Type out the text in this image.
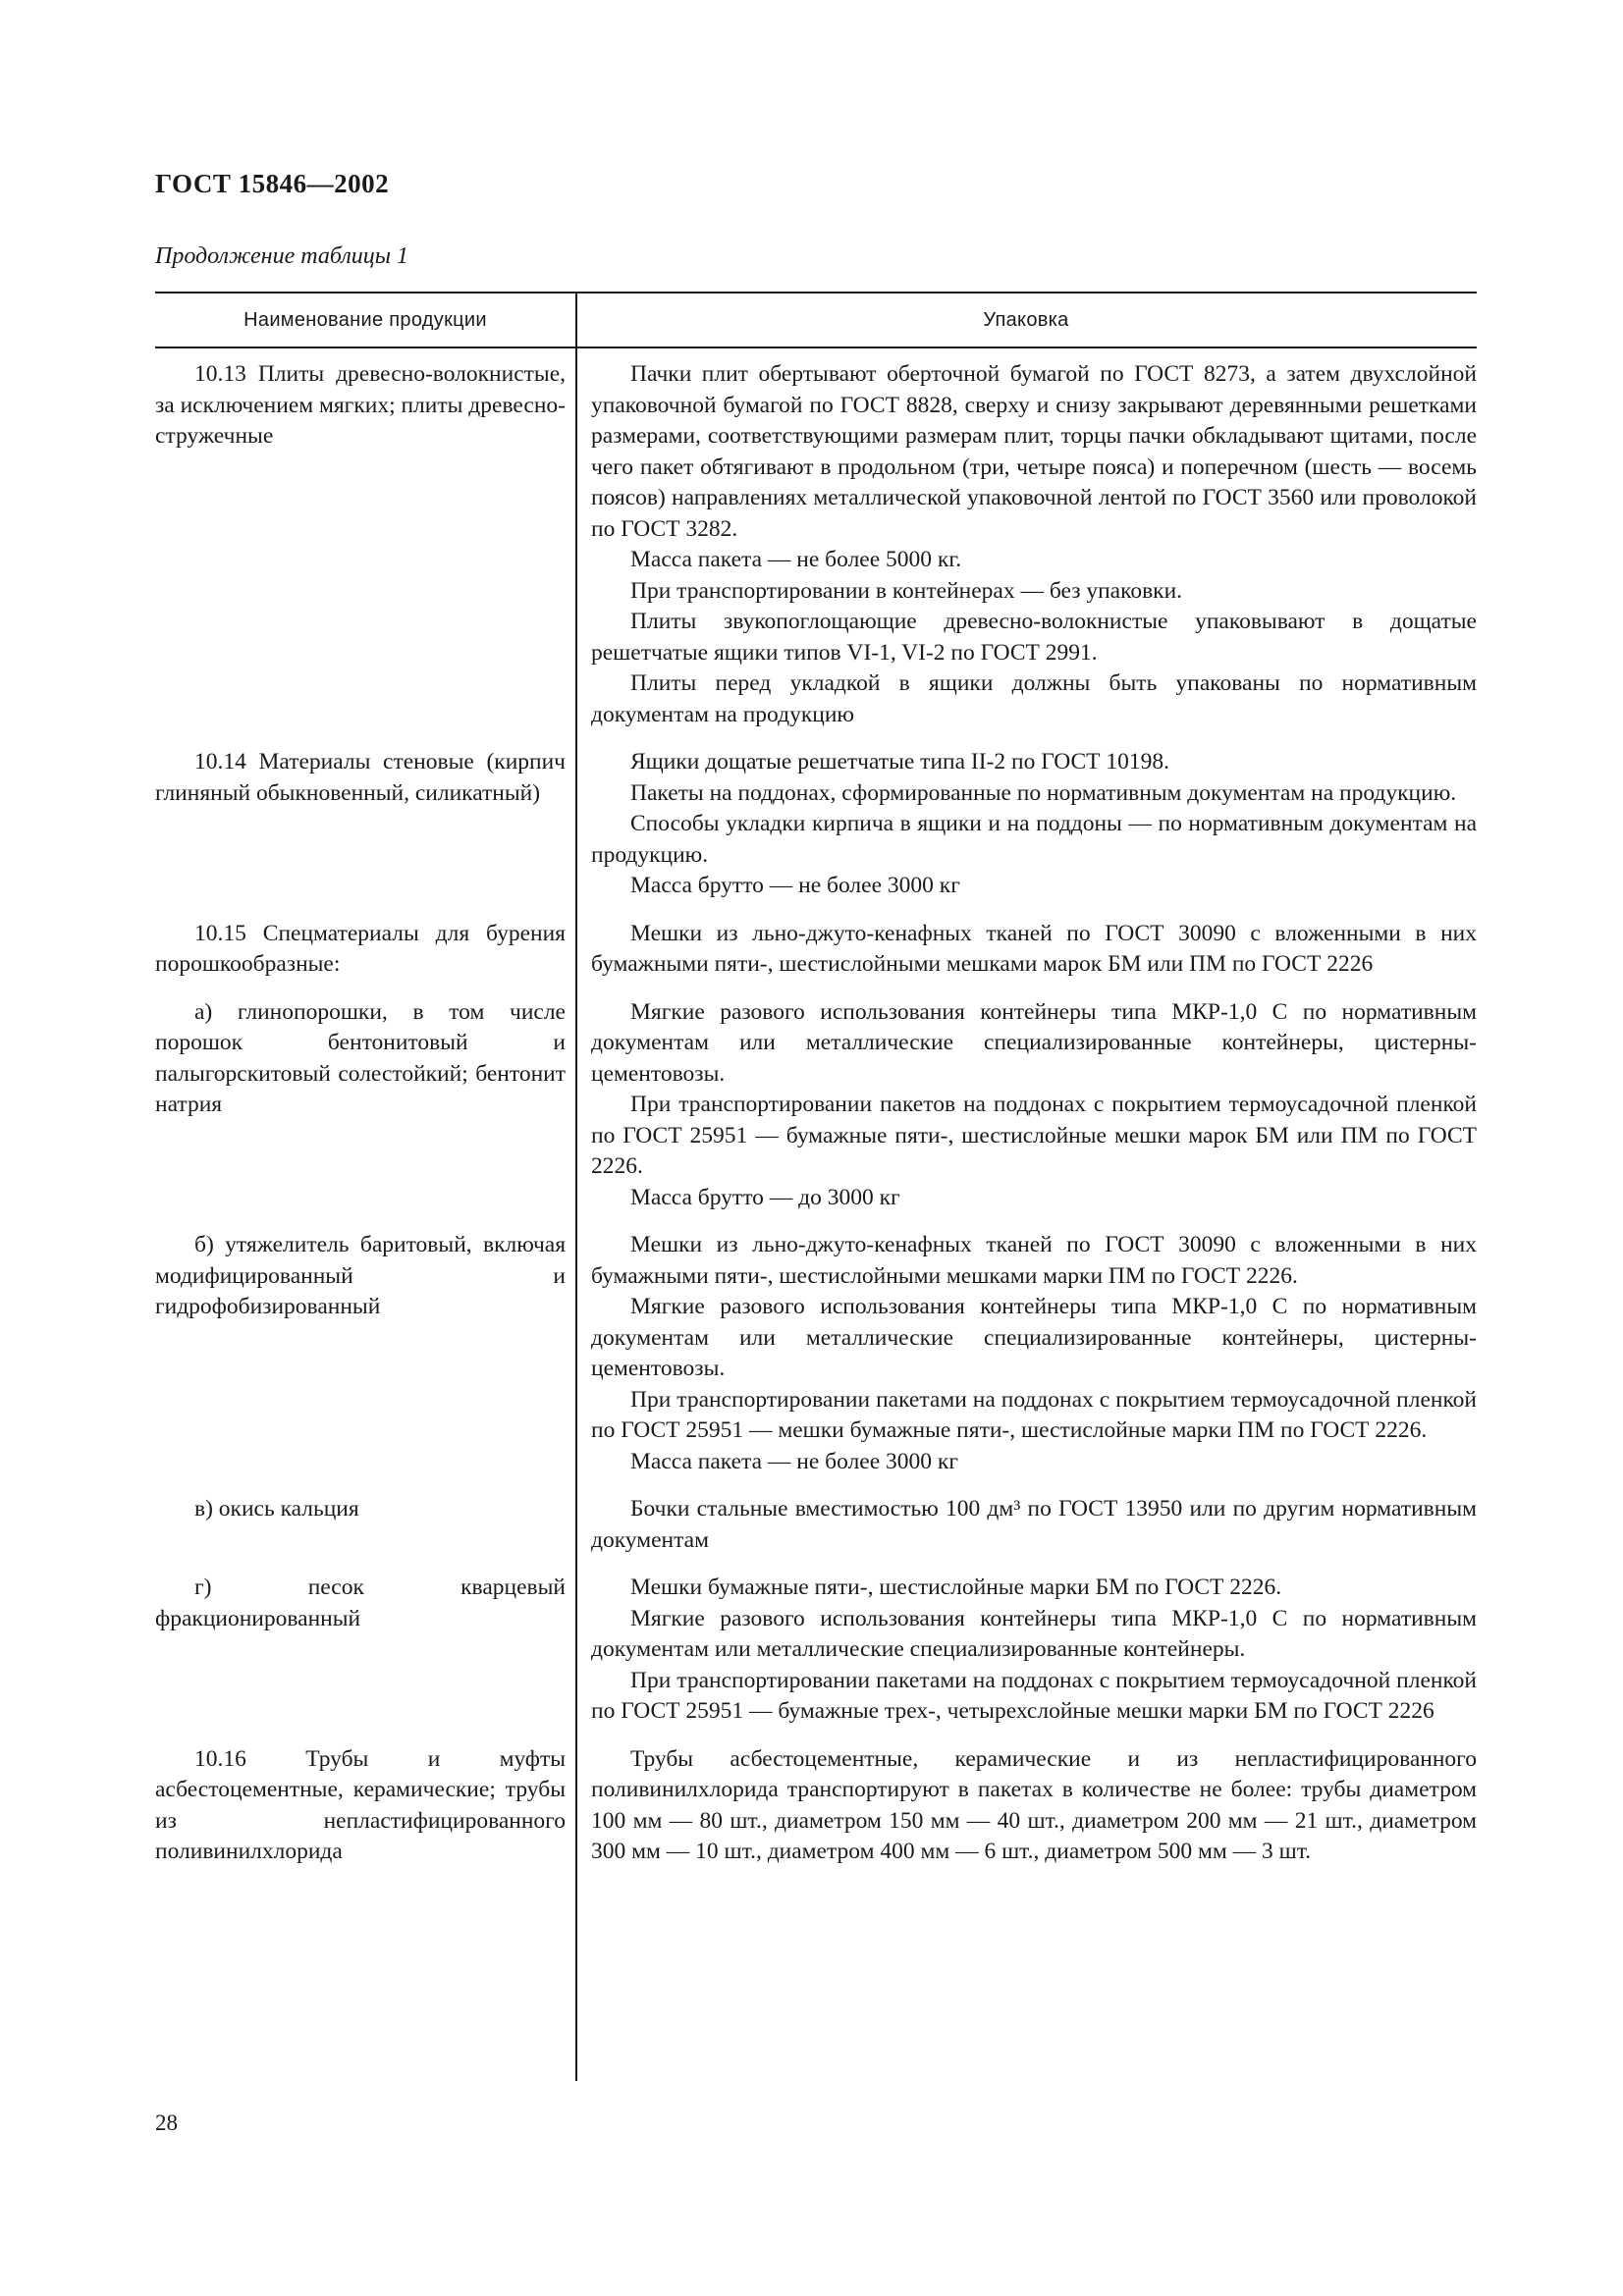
ГОСТ 15846—2002
Продолжение таблицы 1
Наименование продукции	Упаковка
10.13 Плиты древесно-волокнистые, за исключением мягких; плиты древесно-стружечные

Пачки плит обертывают оберточной бумагой по ГОСТ 8273, а затем двухслойной упаковочной бумагой по ГОСТ 8828, сверху и снизу закрывают деревянными решетками размерами, соответствующими размерам плит, торцы пачки обкладывают щитами, после чего пакет обтягивают в продольном (три, четыре пояса) и поперечном (шесть — восемь поясов) направлениях металлической упаковочной лентой по ГОСТ 3560 или проволокой по ГОСТ 3282.

Масса пакета — не более 5000 кг.

При транспортировании в контейнерах — без упаковки.

Плиты звукопоглощающие древесно-волокнистые упаковывают в дощатые решетчатые ящики типов VI-1, VI-2 по ГОСТ 2991.

Плиты перед укладкой в ящики должны быть упакованы по нормативным документам на продукцию

10.14 Материалы стеновые (кирпич глиняный обыкновенный, силикатный)

Ящики дощатые решетчатые типа II-2 по ГОСТ 10198.

Пакеты на поддонах, сформированные по нормативным документам на продукцию.

Способы укладки кирпича в ящики и на поддоны — по нормативным документам на продукцию.

Масса брутто — не более 3000 кг

10.15 Спецматериалы для бурения порошкообразные:

Мешки из льно-джуто-кенафных тканей по ГОСТ 30090 с вложенными в них бумажными пяти-, шестислойными мешками марок БМ или ПМ по ГОСТ 2226

а) глинопорошки, в том числе порошок бентонитовый и палыгорскитовый солестойкий; бентонит натрия

Мягкие разового использования контейнеры типа МКР-1,0 С по нормативным документам или металлические специализированные контейнеры, цистерны-цементовозы.

При транспортировании пакетов на поддонах с покрытием термоусадочной пленкой по ГОСТ 25951 — бумажные пяти-, шестислойные мешки марок БМ или ПМ по ГОСТ 2226.

Масса брутто — до 3000 кг

б) утяжелитель баритовый, включая модифицированный и гидрофобизированный

Мешки из льно-джуто-кенафных тканей по ГОСТ 30090 с вложенными в них бумажными пяти-, шестислойными мешками марки ПМ по ГОСТ 2226.

Мягкие разового использования контейнеры типа МКР-1,0 С по нормативным документам или металлические специализированные контейнеры, цистерны-цементовозы.

При транспортировании пакетами на поддонах с покрытием термоусадочной пленкой по ГОСТ 25951 — мешки бумажные пяти-, шестислойные марки ПМ по ГОСТ 2226.

Масса пакета — не более 3000 кг

в) окись кальция	Бочки стальные вместимостью 100 дм³ по ГОСТ 13950 или по другим нормативным документам

г) песок кварцевый фракционированный

Мешки бумажные пяти-, шестислойные марки БМ по ГОСТ 2226.

Мягкие разового использования контейнеры типа МКР-1,0 С по нормативным документам или металлические специализированные контейнеры.

При транспортировании пакетами на поддонах с покрытием термоусадочной пленкой по ГОСТ 25951 — бумажные трех-, четырехслойные мешки марки БМ по ГОСТ 2226

10.16 Трубы и муфты асбестоцементные, керамические; трубы из непластифицированного поливинилхлорида

Трубы асбестоцементные, керамические и из непластифицированного поливинилхлорида транспортируют в пакетах в количестве не более: трубы диаметром 100 мм — 80 шт., диаметром 150 мм — 40 шт., диаметром 200 мм — 21 шт., диаметром 300 мм — 10 шт., диаметром 400 мм — 6 шт., диаметром 500 мм — 3 шт.

28
